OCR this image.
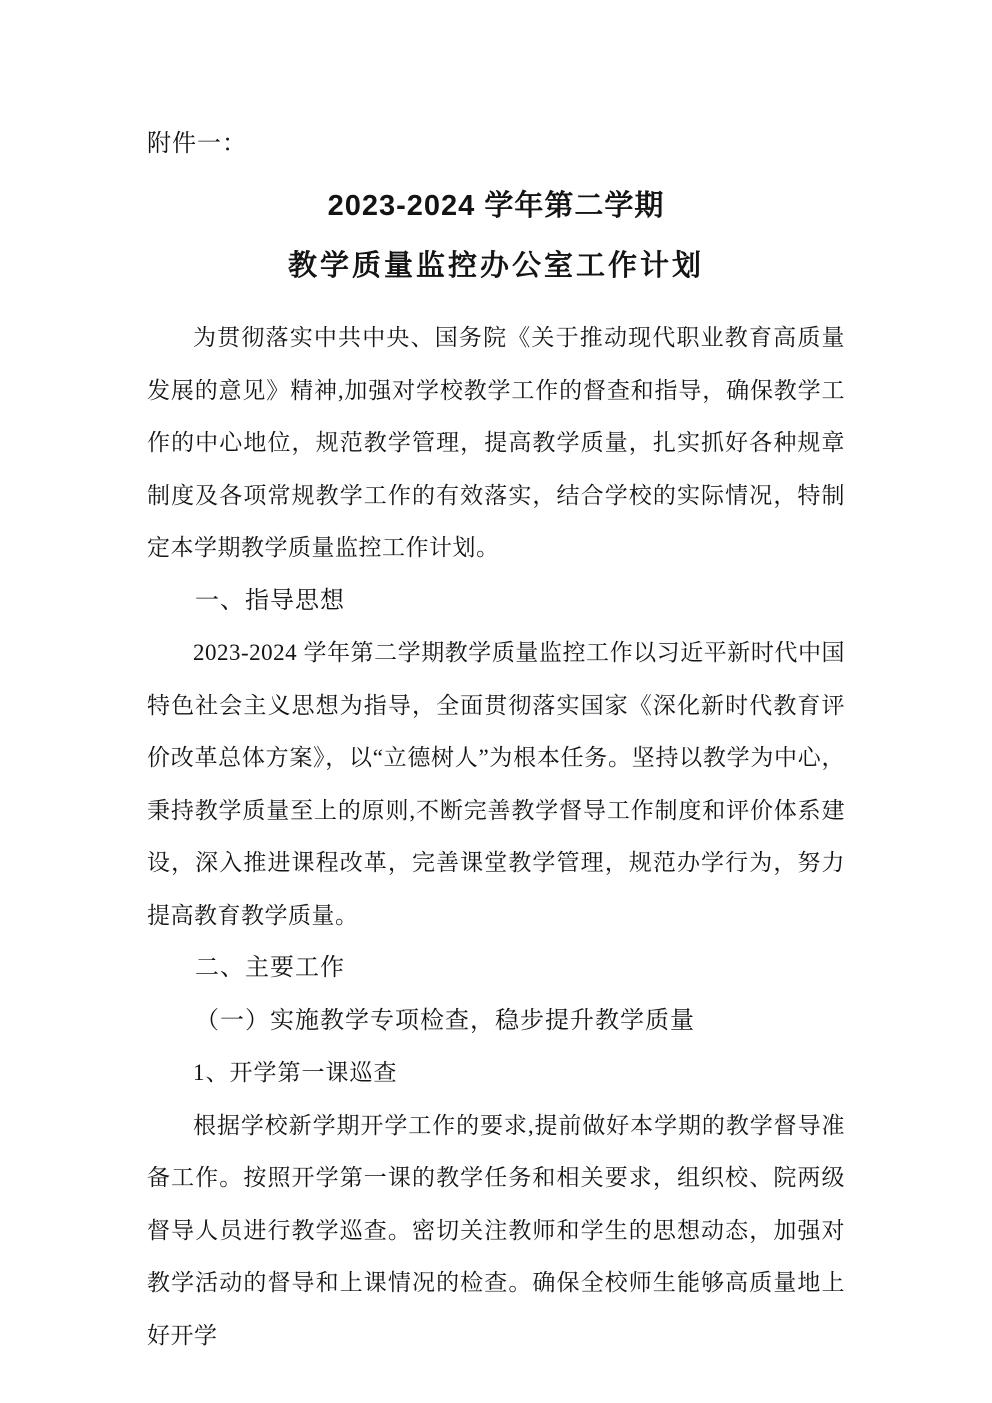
附件一：

2023-2024 学年第二学期
教学质量监控办公室工作计划

为贯彻落实中共中央、国务院《关于推动现代职业教育高质量发展的意见》精神,加强对学校教学工作的督查和指导，确保教学工作的中心地位，规范教学管理，提高教学质量，扎实抓好各种规章制度及各项常规教学工作的有效落实，结合学校的实际情况，特制定本学期教学质量监控工作计划。

一、指导思想

2023-2024 学年第二学期教学质量监控工作以习近平新时代中国特色社会主义思想为指导，全面贯彻落实国家《深化新时代教育评价改革总体方案》，以“立德树人”为根本任务。坚持以教学为中心，秉持教学质量至上的原则,不断完善教学督导工作制度和评价体系建设，深入推进课程改革，完善课堂教学管理，规范办学行为，努力提高教育教学质量。

二、主要工作

（一）实施教学专项检查，稳步提升教学质量

1、开学第一课巡查

根据学校新学期开学工作的要求,提前做好本学期的教学督导准备工作。按照开学第一课的教学任务和相关要求，组织校、院两级督导人员进行教学巡查。密切关注教师和学生的思想动态，加强对教学活动的督导和上课情况的检查。确保全校师生能够高质量地上好开学
